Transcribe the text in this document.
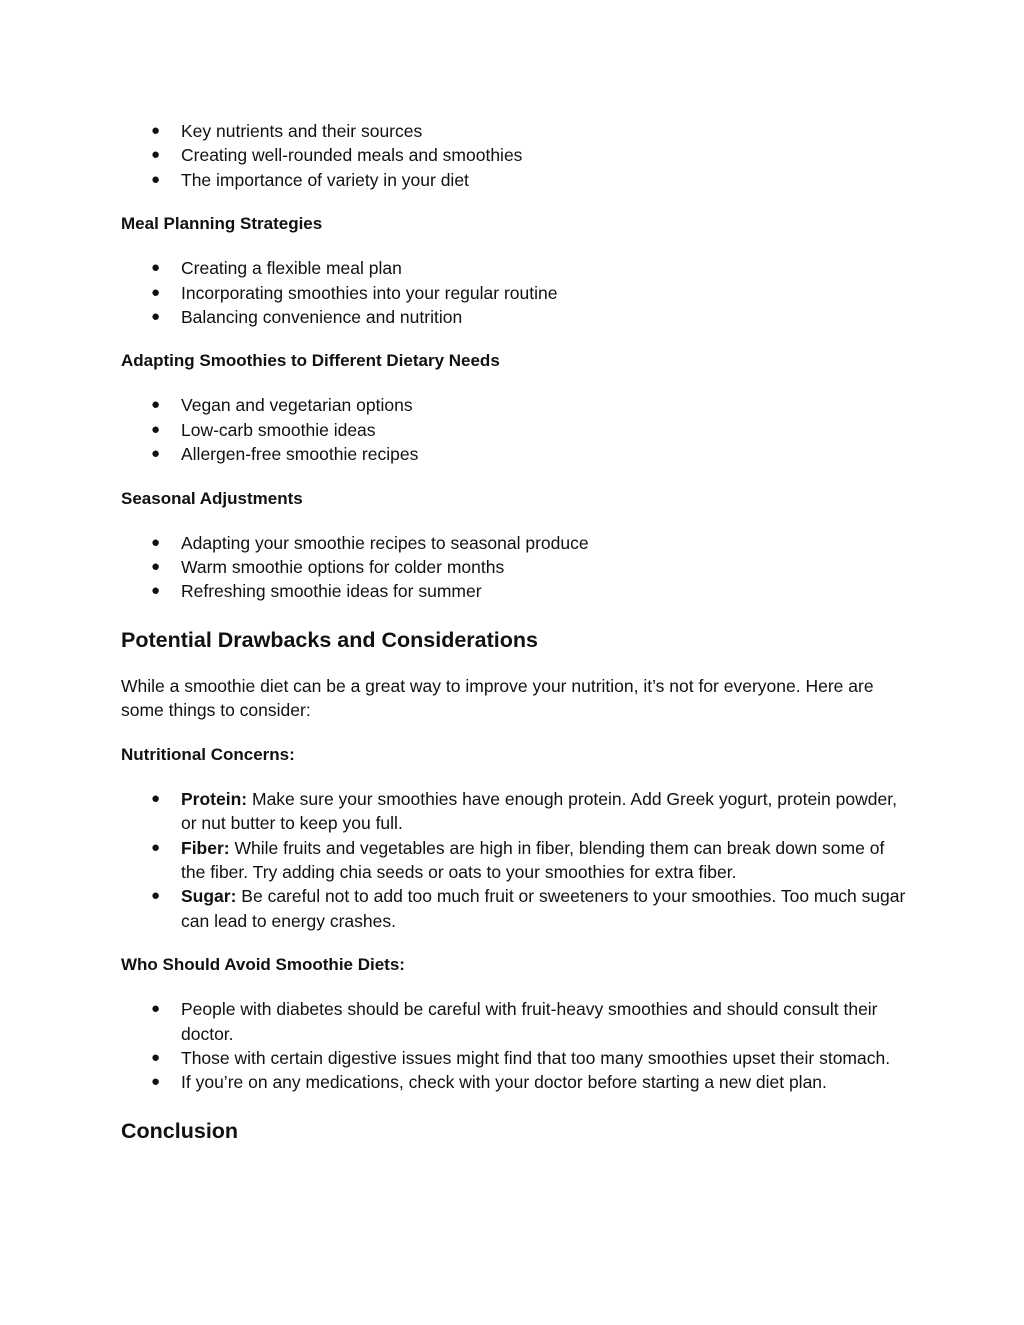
● Key nutrients and their sources
● Creating well-rounded meals and smoothies
● The importance of variety in your diet
Meal Planning Strategies
● Creating a flexible meal plan
● Incorporating smoothies into your regular routine
● Balancing convenience and nutrition
Adapting Smoothies to Different Dietary Needs
● Vegan and vegetarian options
● Low-carb smoothie ideas
● Allergen-free smoothie recipes
Seasonal Adjustments
● Adapting your smoothie recipes to seasonal produce
● Warm smoothie options for colder months
● Refreshing smoothie ideas for summer
Potential Drawbacks and Considerations

While a smoothie diet can be a great way to improve your nutrition, it’s not for everyone. Here are some things to consider:

Nutritional Concerns:
● Protein: Make sure your smoothies have enough protein. Add Greek yogurt, protein powder, or nut butter to keep you full.
● Fiber: While fruits and vegetables are high in fiber, blending them can break down some of the fiber. Try adding chia seeds or oats to your smoothies for extra fiber.
● Sugar: Be careful not to add too much fruit or sweeteners to your smoothies. Too much sugar can lead to energy crashes.
Who Should Avoid Smoothie Diets:
● People with diabetes should be careful with fruit-heavy smoothies and should consult their doctor.
● Those with certain digestive issues might find that too many smoothies upset their stomach.
● If you’re on any medications, check with your doctor before starting a new diet plan.
Conclusion
